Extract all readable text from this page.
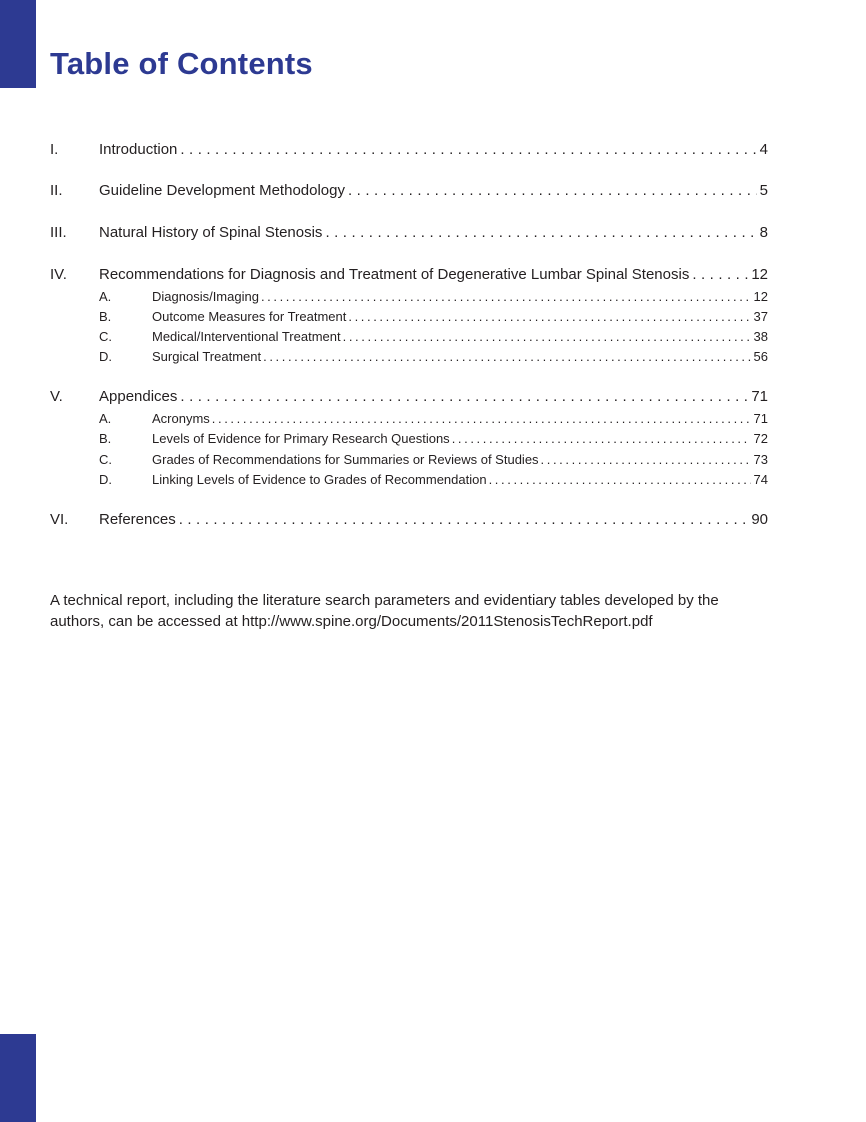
Table of Contents
I.	Introduction .....	4
II.	Guideline Development Methodology .....	5
III.	Natural History of Spinal Stenosis .....	8
IV.	Recommendations for Diagnosis and Treatment of Degenerative Lumbar Spinal Stenosis .....	12
A.	Diagnosis/Imaging .....	12
B.	Outcome Measures for Treatment .....	37
C.	Medical/Interventional Treatment .....	38
D.	Surgical Treatment .....	56
V.	Appendices .....	71
A.	Acronyms .....	71
B.	Levels of Evidence for Primary Research Questions .....	72
C.	Grades of Recommendations for Summaries or Reviews of Studies .....	73
D.	Linking Levels of Evidence to Grades of Recommendation .....	74
VI.	References .....	90

A technical report, including the literature search parameters and evidentiary tables developed by the authors, can be accessed at http://www.spine.org/Documents/2011StenosisTechReport.pdf
